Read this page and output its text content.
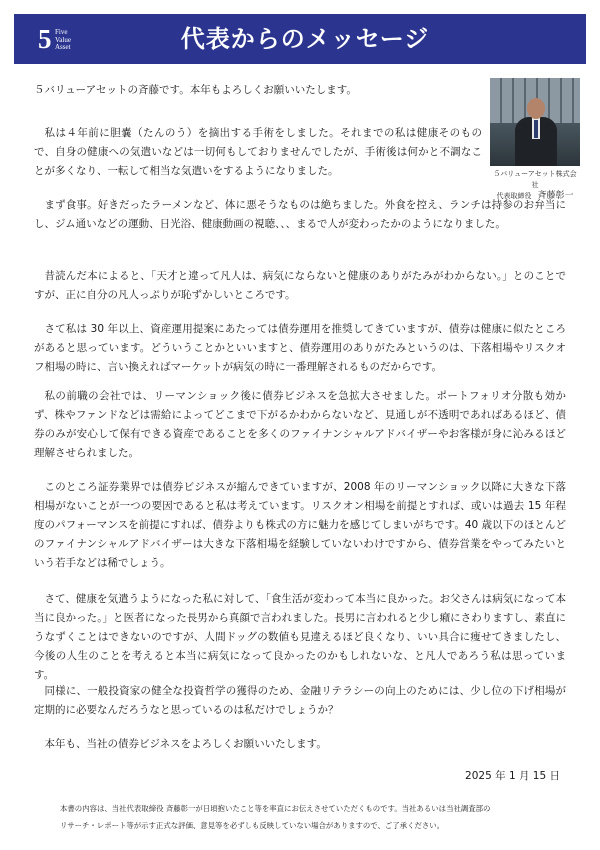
5 Five
Value
Asset	代表からのメッセージ
５バリューアセットの斉藤です。本年もよろしくお願いいたします。
５バリューアセット株式会社
代表取締役 斉藤彰一

私は４年前に胆嚢（たんのう）を摘出する手術をしました。それまでの私は健康そのもので、自身の健康への気遣いなどは一切何もしておりませんでしたが、手術後は何かと不調なことが多くなり、一転して相当な気遣いをするようになりました。

まず食事。好きだったラーメンなど、体に悪そうなものは絶ちました。外食を控え、ランチは持参のお弁当にし、ジム通いなどの運動、日光浴、健康動画の視聴、、、まるで人が変わったかのようになりました。

昔読んだ本によると、「天才と違って凡人は、病気にならないと健康のありがたみがわからない。」とのことですが、正に自分の凡人っぷりが恥ずかしいところです。

さて私は 30 年以上、資産運用提案にあたっては債券運用を推奨してきていますが、債券は健康に似たところがあると思っています。どういうことかといいますと、債券運用のありがたみというのは、下落相場やリスクオフ相場の時に、言い換えればマーケットが病気の時に一番理解されるものだからです。

私の前職の会社では、リーマンショック後に債券ビジネスを急拡大させました。ポートフォリオ分散も効かず、株やファンドなどは需給によってどこまで下がるかわからないなど、見通しが不透明であればあるほど、債券のみが安心して保有できる資産であることを多くのファイナンシャルアドバイザーやお客様が身に沁みるほど理解させられました。

このところ証券業界では債券ビジネスが縮んできていますが、2008 年のリーマンショック以降に大きな下落相場がないことが一つの要因であると私は考えています。リスクオン相場を前提とすれば、或いは過去 15 年程度のパフォーマンスを前提にすれば、債券よりも株式の方に魅力を感じてしまいがちです。40 歳以下のほとんどのファイナンシャルアドバイザーは大きな下落相場を経験していないわけですから、債券営業をやってみたいという若手などは稀でしょう。

さて、健康を気遣うようになった私に対して、「食生活が変わって本当に良かった。お父さんは病気になって本当に良かった。」と医者になった長男から真顔で言われました。長男に言われると少し癪にさわりますし、素直にうなずくことはできないのですが、人間ドッグの数値も見違えるほど良くなり、いい具合に痩せてきましたし、今後の人生のことを考えると本当に病気になって良かったのかもしれないな、と凡人であろう私は思っています。

同様に、一般投資家の健全な投資哲学の獲得のため、金融リテラシーの向上のためには、少し位の下げ相場が定期的に必要なんだろうなと思っているのは私だけでしょうか？

本年も、当社の債券ビジネスをよろしくお願いいたします。

2025 年 1 月 15 日
本書の内容は、当社代表取締役 斉藤彰一が日頃抱いたこと等を率直にお伝えさせていただくものです。当社あるいは当社調査部の
リサーチ・レポート等が示す正式な評価、意見等を必ずしも反映していない場合がありますので、ご了承ください。
